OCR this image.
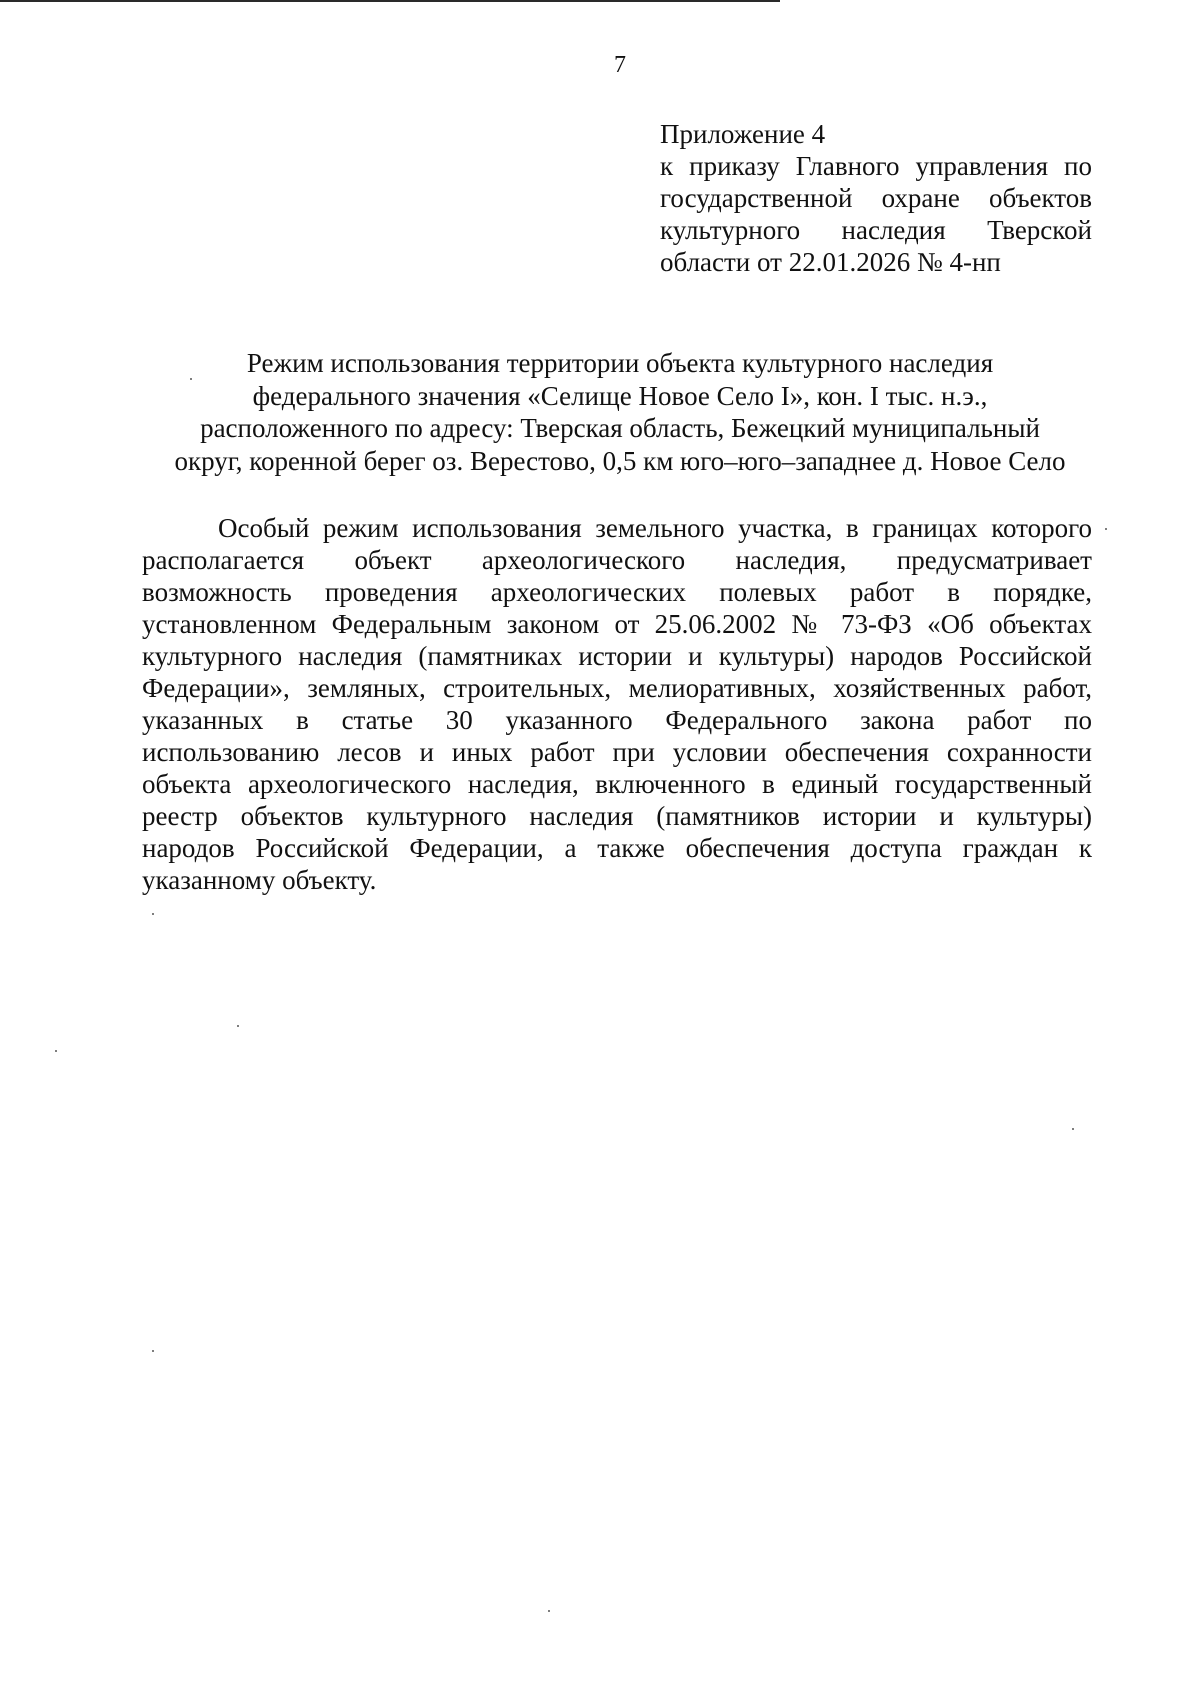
7
Приложение 4
к приказу Главного управления по
государственной охране объектов
культурного наследия Тверской
области от 22.01.2026 № 4-нп
Режим использования территории объекта культурного наследия
федерального значения «Селище Новое Село I», кон. I тыс. н.э.,
расположенного по адресу: Тверская область, Бежецкий муниципальный
округ, коренной берег оз. Верестово, 0,5 км юго–юго–западнее д. Новое Село
Особый режим использования земельного участка, в границах которого
располагается объект археологического наследия, предусматривает
возможность проведения археологических полевых работ в порядке,
установленном Федеральным законом от 25.06.2002 № 73-ФЗ «Об объектах
культурного наследия (памятниках истории и культуры) народов Российской
Федерации», земляных, строительных, мелиоративных, хозяйственных работ,
указанных в статье 30 указанного Федерального закона работ по
использованию лесов и иных работ при условии обеспечения сохранности
объекта археологического наследия, включенного в единый государственный
реестр объектов культурного наследия (памятников истории и культуры)
народов Российской Федерации, а также обеспечения доступа граждан к
указанному объекту.
